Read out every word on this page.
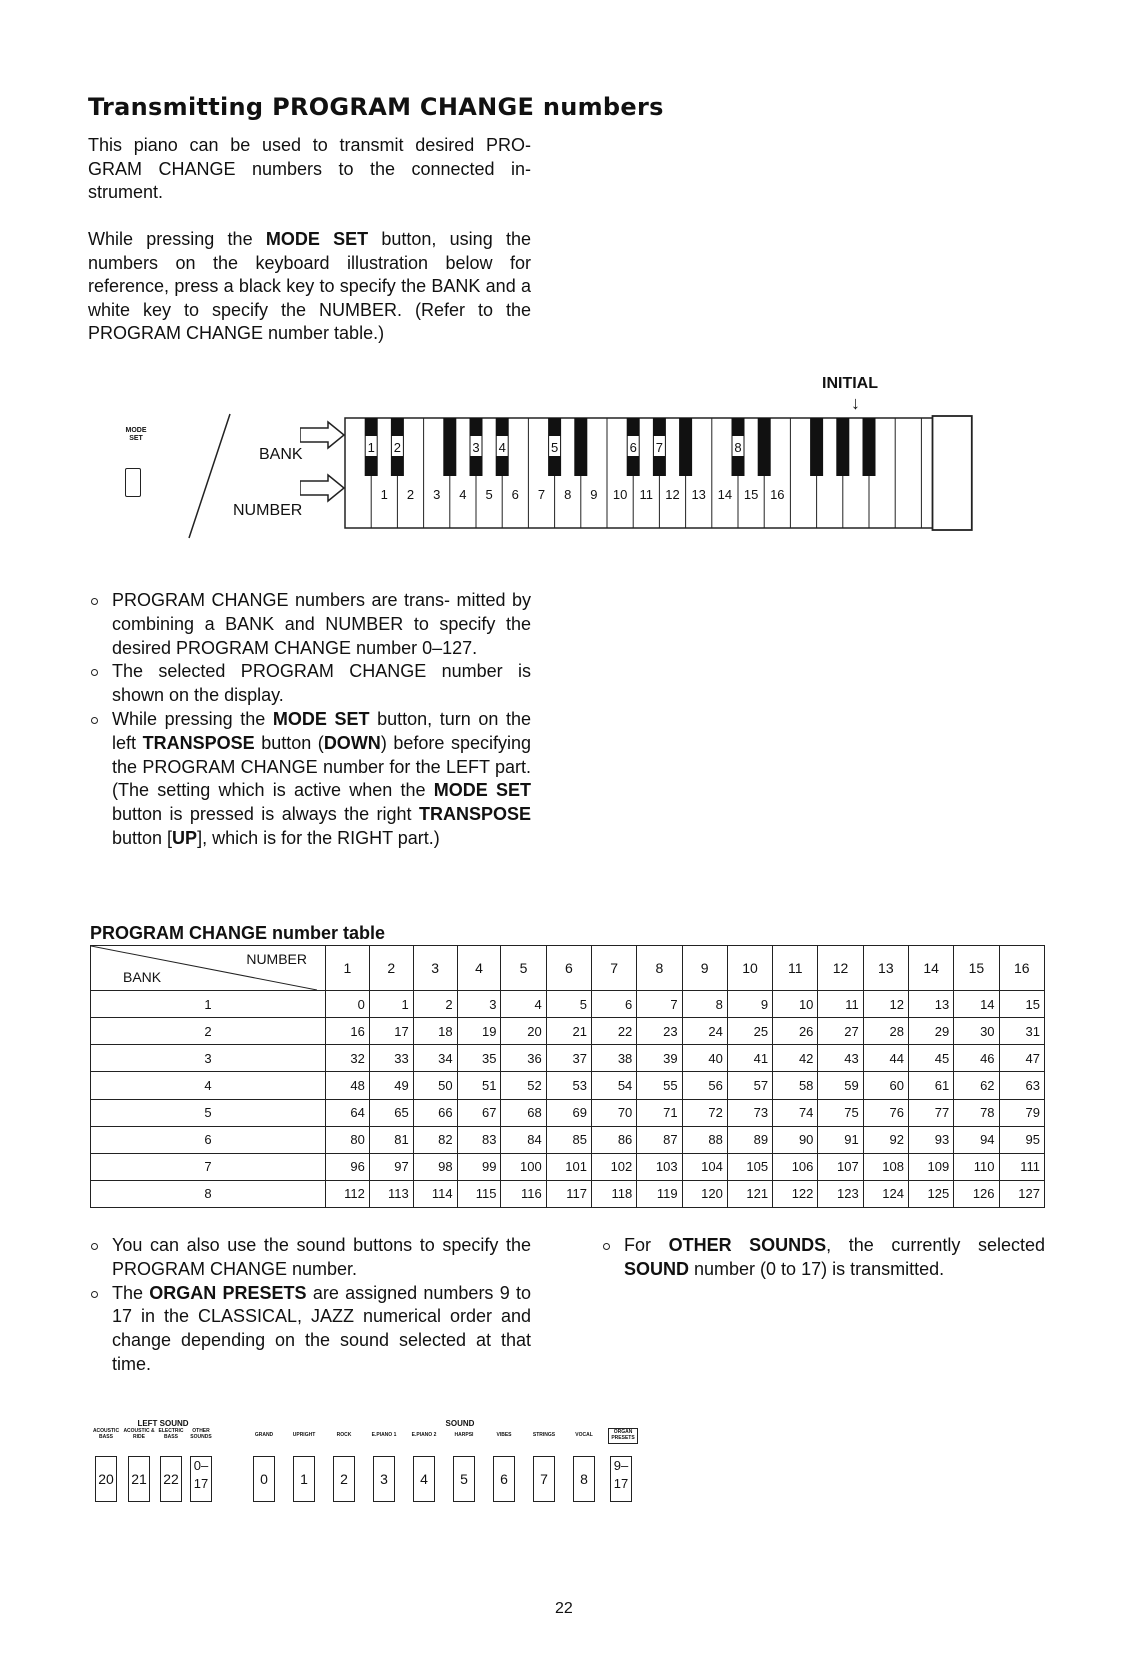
Transmitting PROGRAM CHANGE numbers
This piano can be used to transmit desired PRO- GRAM CHANGE numbers to the connected in- strument.
While pressing the MODE SET button, using the numbers on the keyboard illustration below for reference, press a black key to specify the BANK and a white key to specify the NUMBER. (Refer to the PROGRAM CHANGE number table.)
INITIAL
↓
MODE SET
BANK
NUMBER
1 2	3 4	5	6 7	8
1 2 3 4 5 6 7 8 9 10 11 12 13 14 15 16
PROGRAM CHANGE numbers are trans- mitted by combining a BANK and NUMBER to specify the desired PROGRAM CHANGE number 0–127.
The selected PROGRAM CHANGE number is shown on the display.
While pressing the MODE SET button, turn on the left TRANSPOSE button (DOWN) before specifying the PROGRAM CHANGE number for the LEFT part. (The setting which is active when the MODE SET button is pressed is always the right TRANSPOSE button [UP], which is for the RIGHT part.)
PROGRAM CHANGE number table
NUMBER
BANK	1	2	3	4	5	6	7	8	9	10	11	12	13	14	15	16
1	0	1	2	3	4	5	6	7	8	9	10	11	12	13	14	15
2	16	17	18	19	20	21	22	23	24	25	26	27	28	29	30	31
3	32	33	34	35	36	37	38	39	40	41	42	43	44	45	46	47
4	48	49	50	51	52	53	54	55	56	57	58	59	60	61	62	63
5	64	65	66	67	68	69	70	71	72	73	74	75	76	77	78	79
6	80	81	82	83	84	85	86	87	88	89	90	91	92	93	94	95
7	96	97	98	99	100	101	102	103	104	105	106	107	108	109	110	111
8	112	113	114	115	116	117	118	119	120	121	122	123	124	125	126	127
You can also use the sound buttons to specify the PROGRAM CHANGE number.
The ORGAN PRESETS are assigned numbers 9 to 17 in the CLASSICAL, JAZZ numerical order and change depending on the sound selected at that time.
For OTHER SOUNDS, the currently selected SOUND number (0 to 17) is transmitted.
LEFT SOUND	SOUND
ACOUSTIC BASS
ACOUSTIC & RIDE
ELECTRIC BASS
OTHER SOUNDS
20 21 22
0–17
GRAND	UPRIGHT	ROCK	E.PIANO 1	E.PIANO 2	HARPSI	VIBES	STRINGS	VOCAL	ORGAN PRESETS
0	1	2	3	4	5	6	7	8
9–17
22
